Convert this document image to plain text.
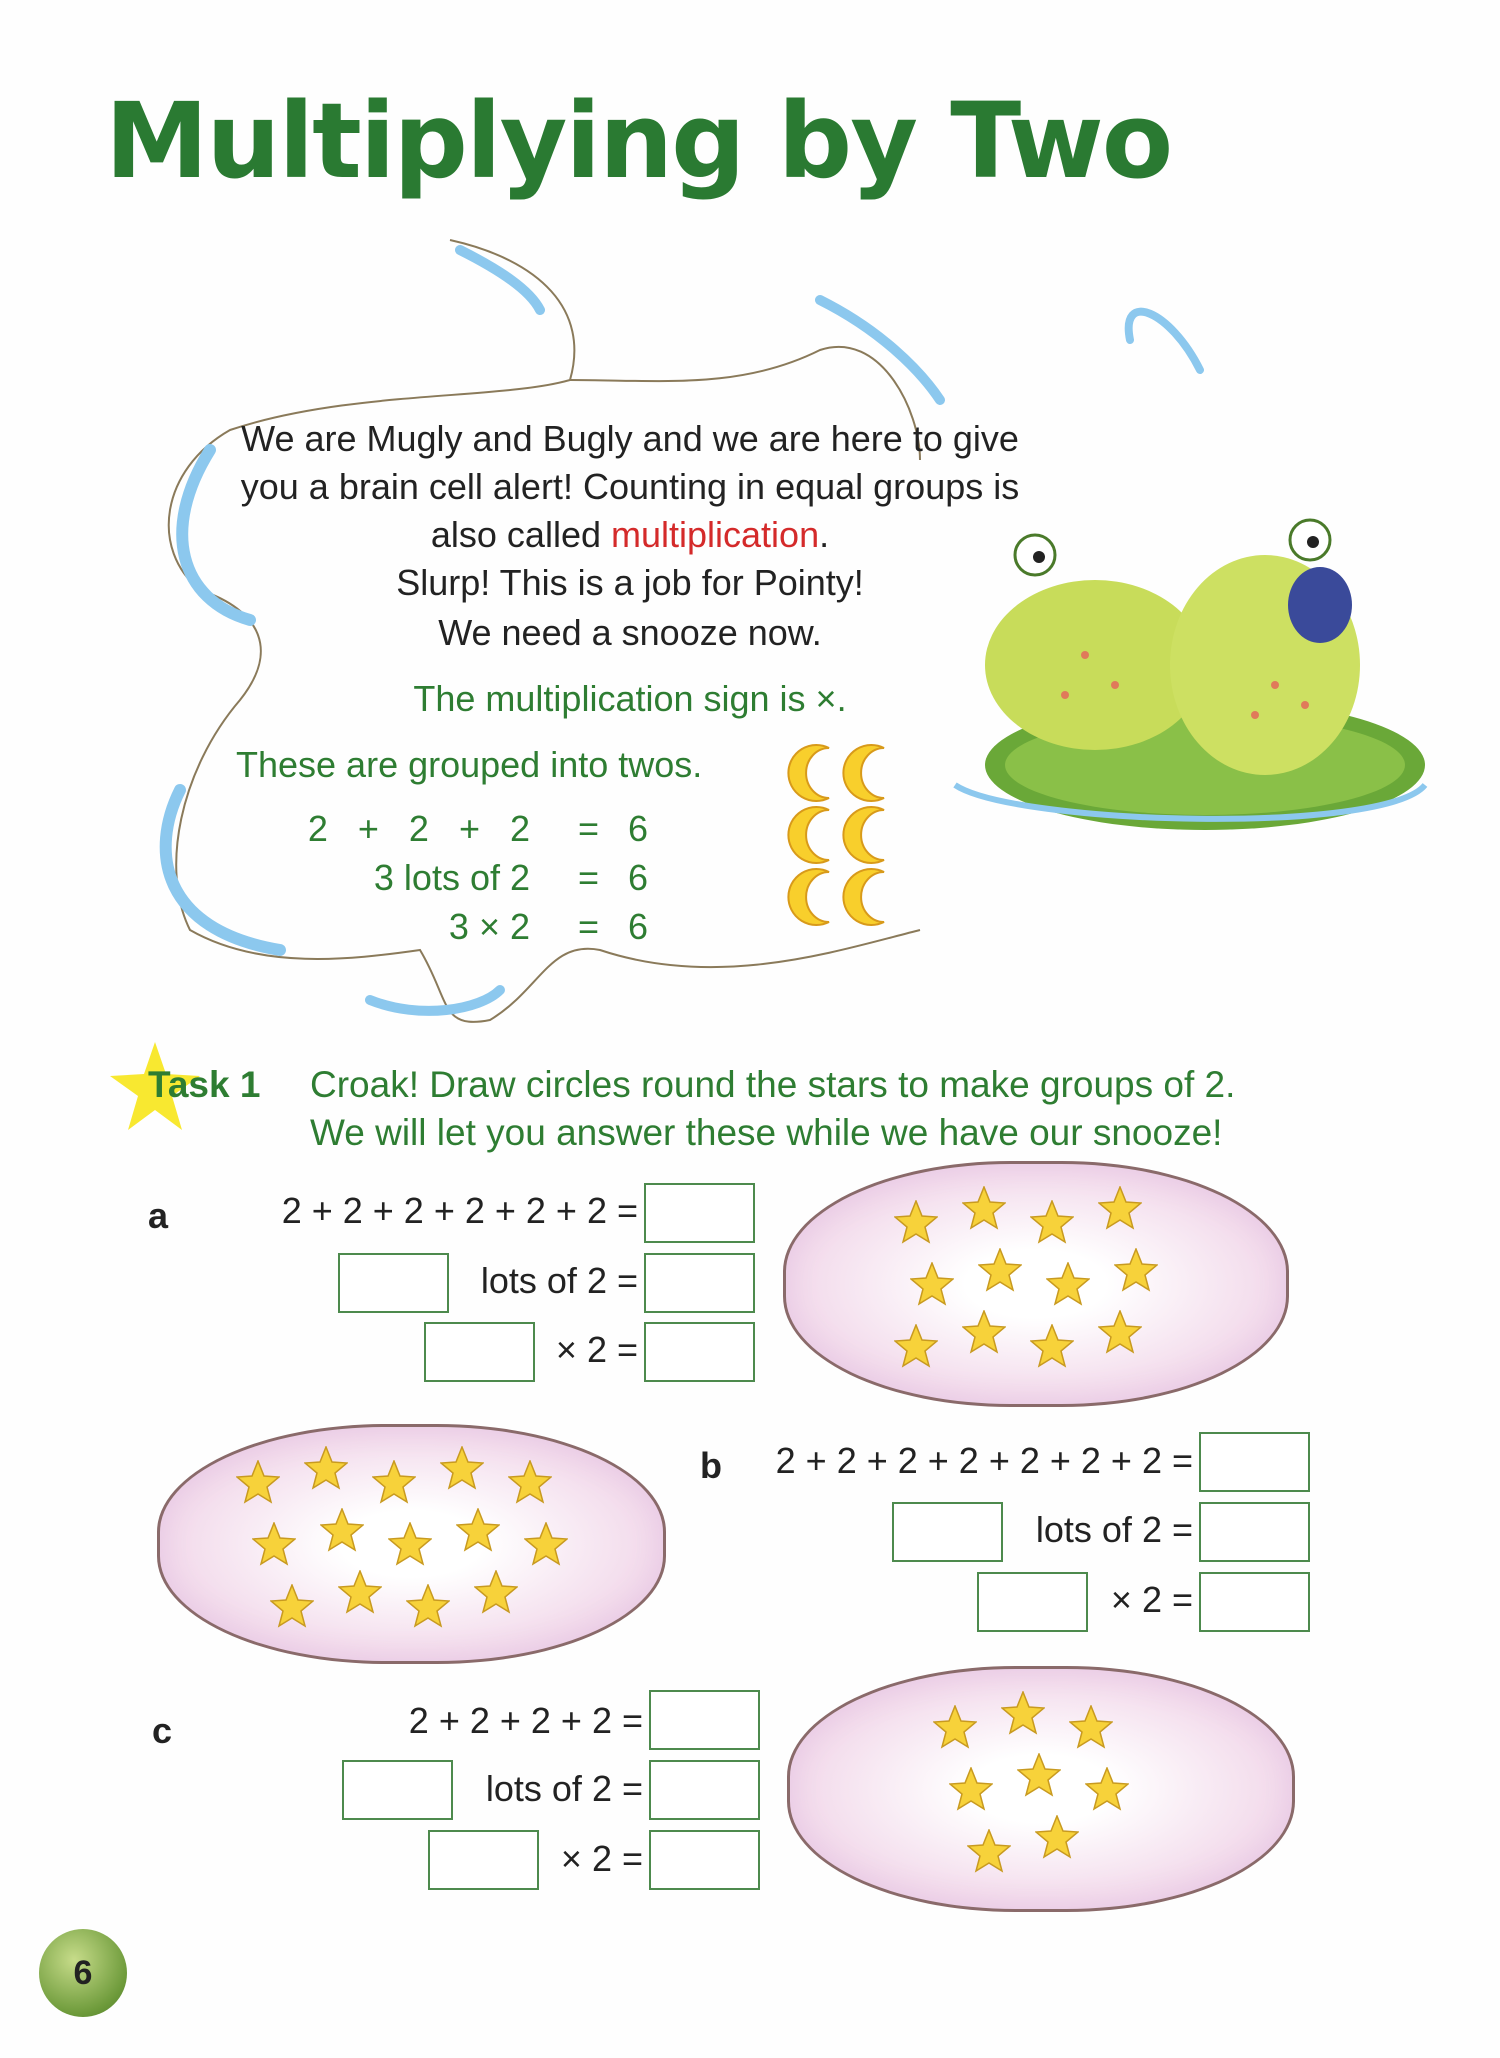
Multiplying by Two
We are Mugly and Bugly and we are here to give
you a brain cell alert! Counting in equal groups is
also called multiplication.
Slurp! This is a job for Pointy!
We need a snooze now.
The multiplication sign is ×.
These are grouped into twos.
2   +   2   +   2 = 6
3 lots of 2 = 6
3 × 2 = 6
Task 1 Croak! Draw circles round the stars to make groups of 2.
We will let you answer these while we have our snooze!
a	2 + 2 + 2 + 2 + 2 + 2 =
lots of 2 =
× 2 =
b 2 + 2 + 2 + 2 + 2 + 2 + 2 =
lots of 2 =
× 2 =
c	2 + 2 + 2 + 2 =
lots of 2 =
× 2 =
6
